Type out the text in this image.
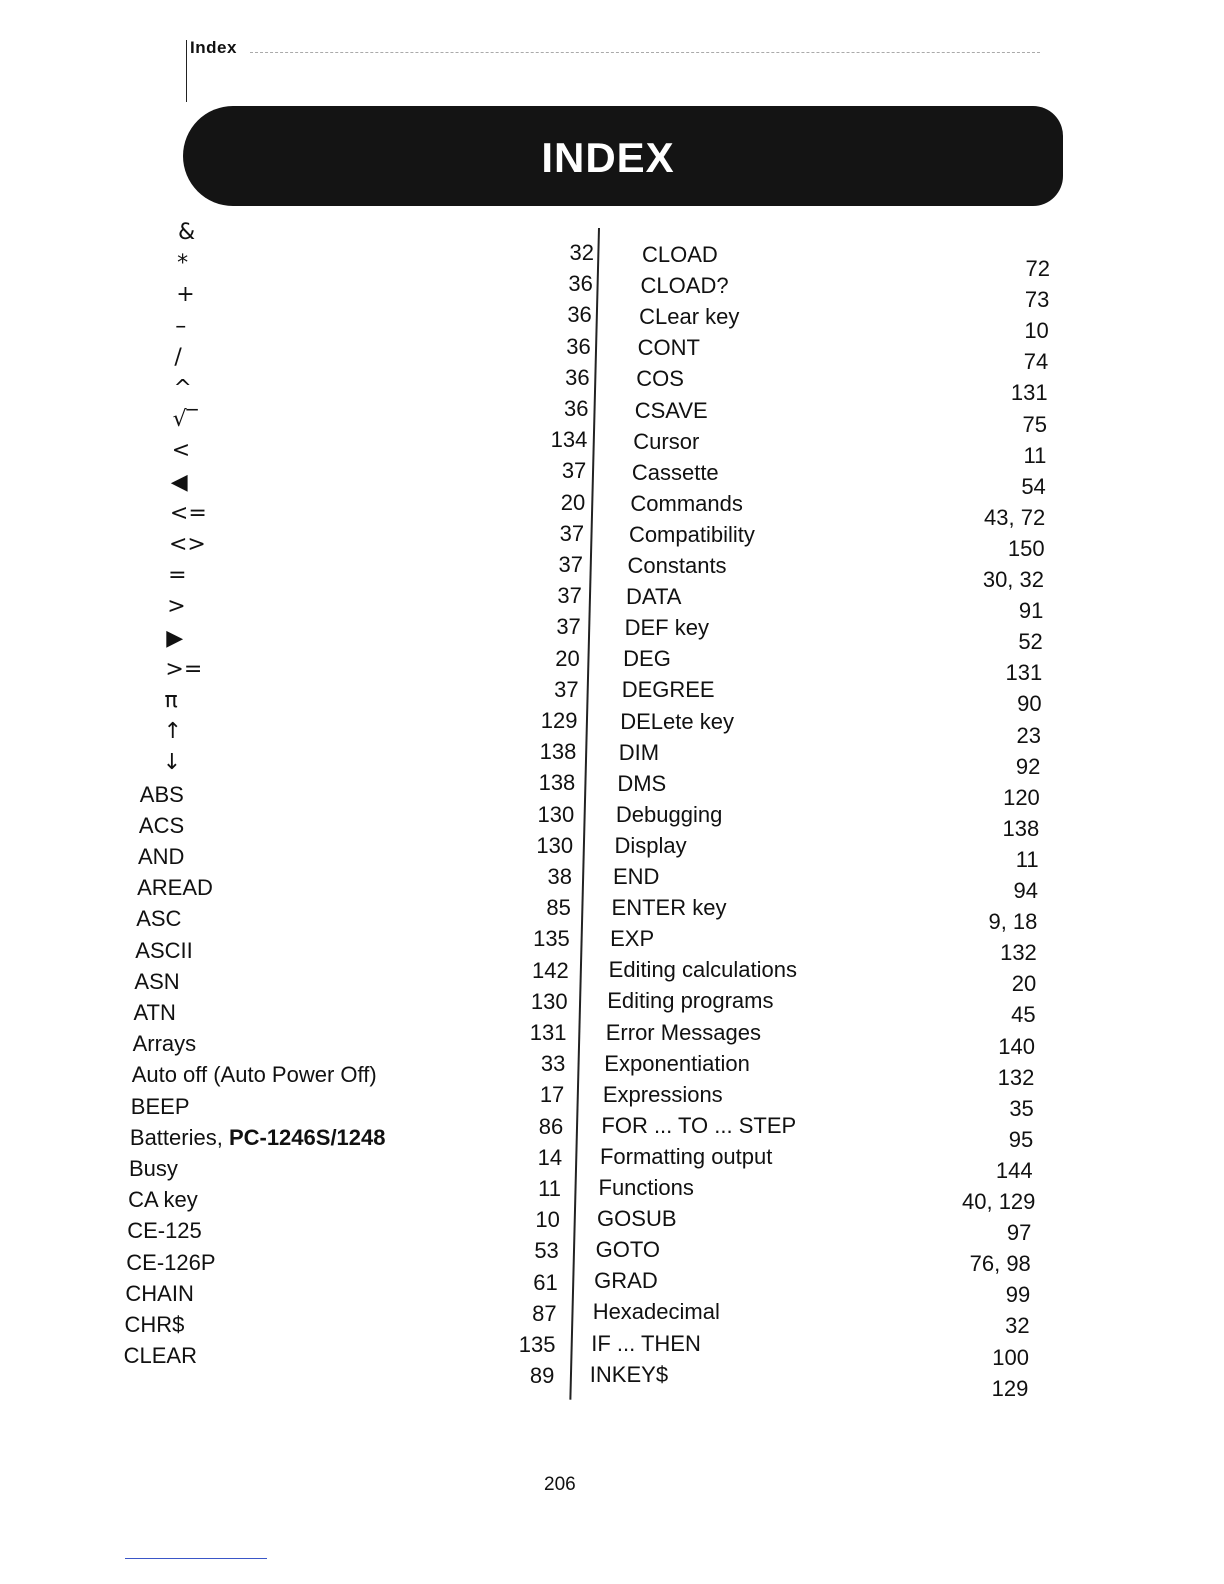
Index
INDEX
&
32
*
36
+
36
–
36
/
36
^
36
√‾
134
<
37
◀
20
<=
37
<>
37
=
37
>
37
▶
20
>=
37
π
129
↑
138
↓
138
ABS
130
ACS
130
AND
38
AREAD
85
ASC
135
ASCII
142
ASN
130
ATN
131
Arrays
33
Auto off (Auto Power Off)
17
BEEP
86
Batteries, PC-1246S/1248
14
Busy
11
CA key
10
CE-125
53
CE-126P
61
CHAIN
87
CHR$
135
CLEAR
89
CLOAD
72
CLOAD?
73
CLear key
10
CONT
74
COS
131
CSAVE
75
Cursor
11
Cassette
54
Commands
43, 72
Compatibility
150
Constants
30, 32
DATA
91
DEF key
52
DEG
131
DEGREE
90
DELete key
23
DIM
92
DMS
120
Debugging
138
Display
11
END
94
ENTER key
9, 18
EXP
132
Editing calculations
20
Editing programs
45
Error Messages
140
Exponentiation
132
Expressions
35
FOR ... TO ... STEP
95
Formatting output
144
Functions
40, 129
GOSUB
97
GOTO
76, 98
GRAD
99
Hexadecimal
32
IF ... THEN
100
INKEY$
129
206
